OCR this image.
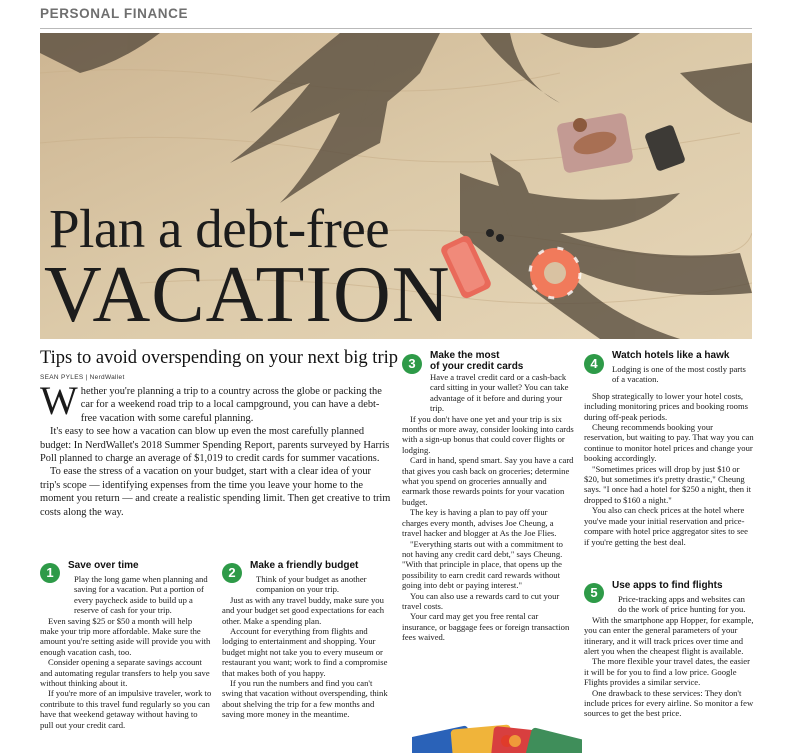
PERSONAL FINANCE
Plan a debt-free
VACATION
Tips to avoid overspending on your next big trip
SEAN PYLES | NerdWallet

Whether you're planning a trip to a country across the globe or packing the car for a weekend road trip to a local campground, you can have a debt-free vacation with some careful planning.

It's easy to see how a vacation can blow up even the most carefully planned budget: In NerdWallet's 2018 Summer Spending Report, parents surveyed by Harris Poll planned to charge an average of $1,019 to credit cards for summer vacations.

To ease the stress of a vacation on your budget, start with a clear idea of your trip's scope — identifying expenses from the time you leave your home to the moment you return — and create a realistic spending limit. Then get creative to trim costs along the way.

1	Save over time

Play the long game when planning and saving for a vacation. Put a portion of every paycheck aside to build up a reserve of cash for your trip.

Even saving $25 or $50 a month will help make your trip more affordable. Make sure the amount you're setting aside will provide you with enough vacation cash, too.

Consider opening a separate savings account and automating regular transfers to help you save without thinking about it.

If you're more of an impulsive traveler, work to contribute to this travel fund regularly so you can have that weekend getaway without having to pull out your credit card.

2	Make a friendly budget

Think of your budget as another companion on your trip.

Just as with any travel buddy, make sure you and your budget set good expectations for each other. Make a spending plan.

Account for everything from flights and lodging to entertainment and shopping. Your budget might not take you to every museum or restaurant you want; work to find a compromise that makes both of you happy.

If you run the numbers and find you can't swing that vacation without overspending, think about shelving the trip for a few months and saving more money in the meantime.

3
Make the most
of your credit cards

Have a travel credit card or a cash-back card sitting in your wallet? You can take advantage of it before and during your trip.

If you don't have one yet and your trip is six months or more away, consider looking into cards with a sign-up bonus that could cover flights or lodging.

Card in hand, spend smart. Say you have a card that gives you cash back on groceries; determine what you spend on groceries annually and earmark those rewards points for your vacation budget.

The key is having a plan to pay off your charges every month, advises Joe Cheung, a travel hacker and blogger at As the Joe Flies.

"Everything starts out with a commitment to not having any credit card debt," says Cheung. "With that principle in place, that opens up the possibility to earn credit card rewards without going into debt or paying interest."

You can also use a rewards card to cut your travel costs.

Your card may get you free rental car insurance, or baggage fees or foreign transaction fees waived.

4
Watch hotels like a hawk

Lodging is one of the most costly parts of a vacation.

Shop strategically to lower your hotel costs, including monitoring prices and booking rooms during off-peak periods.

Cheung recommends booking your reservation, but waiting to pay. That way you can continue to monitor hotel prices and change your booking accordingly.

"Sometimes prices will drop by just $10 or $20, but sometimes it's pretty drastic," Cheung says. "I once had a hotel for $250 a night, then it dropped to $160 a night."

You also can check prices at the hotel where you've made your initial reservation and price-compare with hotel price aggregator sites to see if you're getting the best deal.

5	Use apps to find flights

Price-tracking apps and websites can do the work of price hunting for you.

With the smartphone app Hopper, for example, you can enter the general parameters of your itinerary, and it will track prices over time and alert you when the cheapest flight is available.

The more flexible your travel dates, the easier it will be for you to find a low price. Google Flights provides a similar service.

One drawback to these services: They don't include prices for every airline. So monitor a few sources to get the best price.
